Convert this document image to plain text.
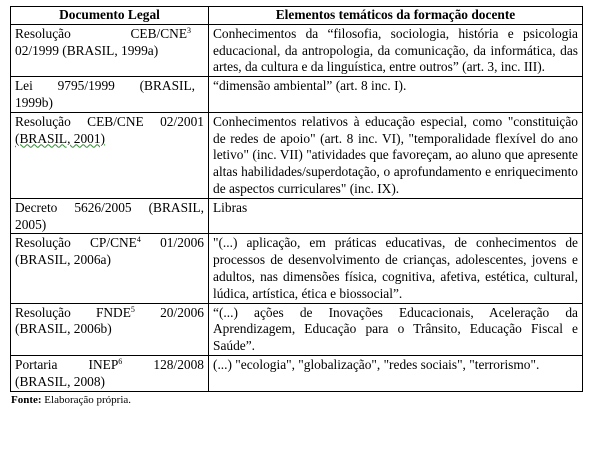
Documento Legal	Elementos temáticos da formação docente
Resolução CEB/CNE$^3$ 02/1999 (BRASIL, 1999a)	Conhecimentos da “filosofia, sociologia, história e psicologia educacional, da antropologia, da comunicação, da informática, das artes, da cultura e da linguística, entre outros” (art. 3, inc. III).
Lei 9795/1999 (BRASIL, 1999b)	“dimensão ambiental” (art. 8 inc. I).
Resolução CEB/CNE 02/2001 (BRASIL, 2001)	Conhecimentos relativos à educação especial, como "constituição de redes de apoio" (art. 8 inc. VI), "temporalidade flexível do ano letivo" (inc. VII) "atividades que favoreçam, ao aluno que apresente altas habilidades/superdotação, o aprofundamento e enriquecimento de aspectos curriculares" (inc. IX).
Decreto 5626/2005 (BRASIL, 2005)	Libras
Resolução CP/CNE$^4$ 01/2006 (BRASIL, 2006a)	"(...) aplicação, em práticas educativas, de conhecimentos de processos de desenvolvimento de crianças, adolescentes, jovens e adultos, nas dimensões física, cognitiva, afetiva, estética, cultural, lúdica, artística, ética e biossocial”.
Resolução FNDE$^5$ 20/2006 (BRASIL, 2006b)	“(...) ações de Inovações Educacionais, Aceleração da Aprendizagem, Educação para o Trânsito, Educação Fiscal e Saúde”.
Portaria INEP$^6$ 128/2008 (BRASIL, 2008)	(...) "ecologia", "globalização", "redes sociais", "terrorismo".
Fonte: Elaboração própria.
